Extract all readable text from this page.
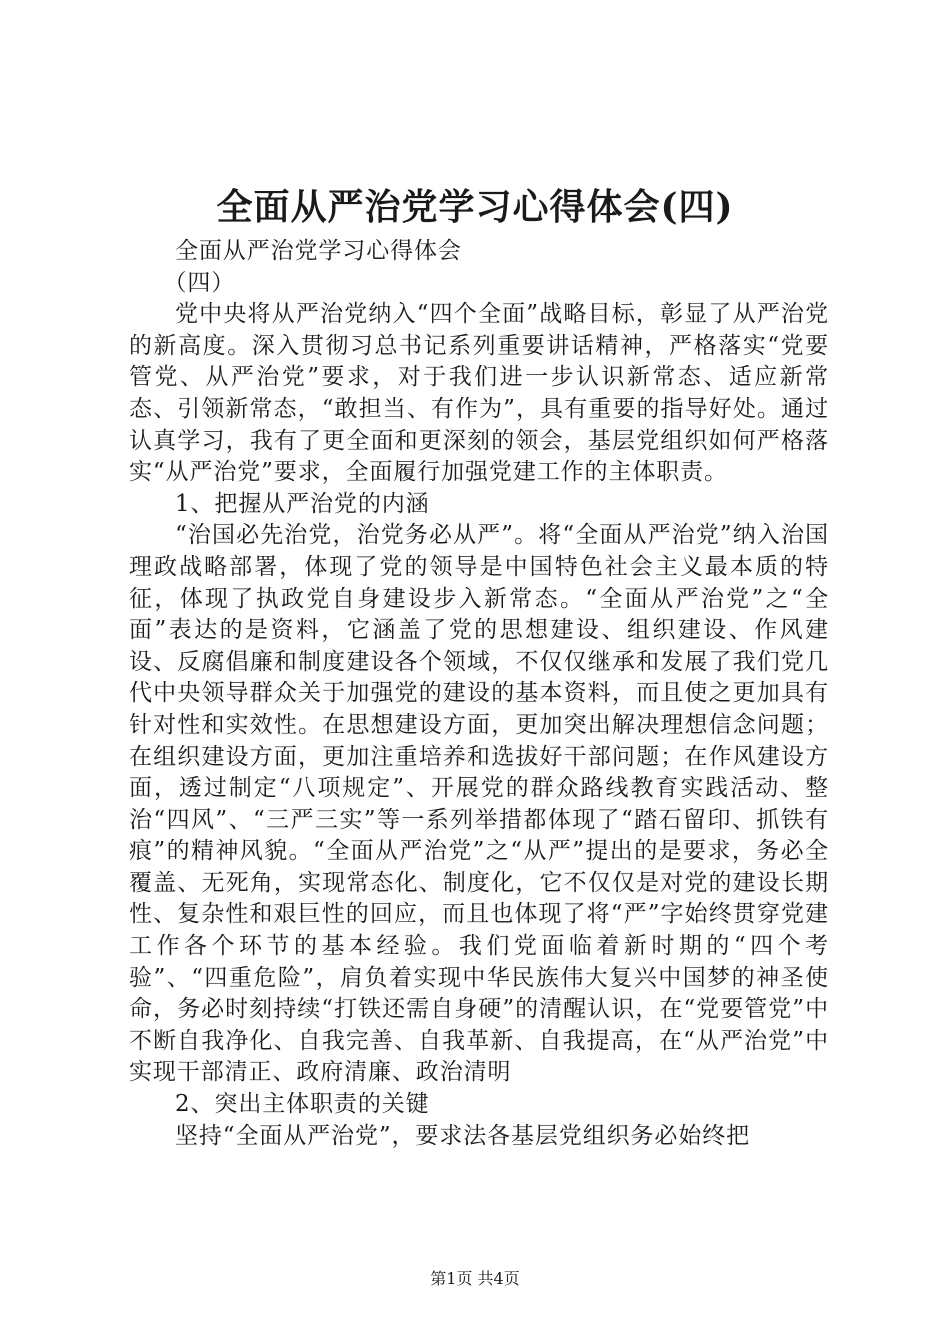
全面从严治党学习心得体会(四)

全面从严治党学习心得体会

（四）

党中央将从严治党纳入“四个全面”战略目标，彰显了从严治党的新高度。深入贯彻习总书记系列重要讲话精神，严格落实“党要管党、从严治党”要求，对于我们进一步认识新常态、适应新常态、引领新常态，“敢担当、有作为”，具有重要的指导好处。通过认真学习，我有了更全面和更深刻的领会，基层党组织如何严格落实“从严治党”要求，全面履行加强党建工作的主体职责。

1、把握从严治党的内涵

“治国必先治党，治党务必从严”。将“全面从严治党”纳入治国理政战略部署，体现了党的领导是中国特色社会主义最本质的特征，体现了执政党自身建设步入新常态。“全面从严治党”之“全面”表达的是资料，它涵盖了党的思想建设、组织建设、作风建设、反腐倡廉和制度建设各个领域，不仅仅继承和发展了我们党几代中央领导群众关于加强党的建设的基本资料，而且使之更加具有针对性和实效性。在思想建设方面，更加突出解决理想信念问题；在组织建设方面，更加注重培养和选拔好干部问题；在作风建设方面，透过制定“八项规定”、开展党的群众路线教育实践活动、整治“四风”、“三严三实”等一系列举措都体现了“踏石留印、抓铁有痕”的精神风貌。“全面从严治党”之“从严”提出的是要求，务必全覆盖、无死角，实现常态化、制度化，它不仅仅是对党的建设长期性、复杂性和艰巨性的回应，而且也体现了将“严”字始终贯穿党建工作各个环节的基本经验。我们党面临着新时期的“四个考验”、“四重危险”，肩负着实现中华民族伟大复兴中国梦的神圣使命，务必时刻持续“打铁还需自身硬”的清醒认识，在“党要管党”中不断自我净化、自我完善、自我革新、自我提高，在“从严治党”中实现干部清正、政府清廉、政治清明

2、突出主体职责的关键

坚持“全面从严治党”，要求法各基层党组织务必始终把

第1页 共4页
